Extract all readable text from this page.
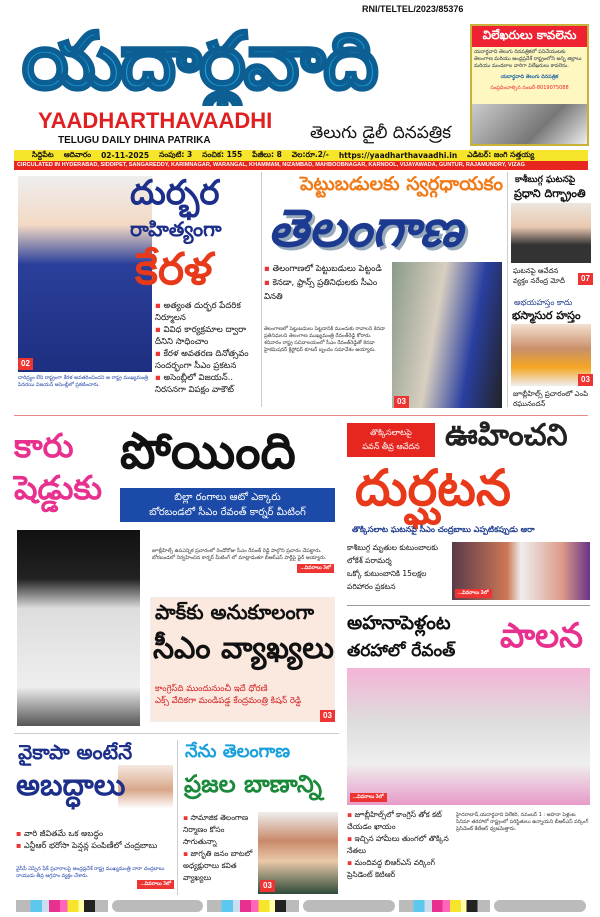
యదార్థవాది
RNI/TELTEL/2023/85376
YAADHARTHAVAADHI
TELUGU DAILY DHINA PATRIKA	తెలుగు డైలీ దినపత్రిక
విలేఖరులు కావలెను
యదార్థవాది తెలుగు దినపత్రికలో పనిచేయుటకు తెలంగాణ మరియు ఆంధ్రప్రదేశ్ రాష్ట్రంలోని అన్ని జిల్లాలు మరియు మండలాల వారిగా విలేఖరులు కావలెను.
యదార్థవాది తెలుగు దినపత్రిక
సంప్రదించాల్సిన నంబర్-8019075088
సిద్దిపేట ఆదివారం 02-11-2025 సంపుటి: 3 సంచిక: 155 పేజీలు: 8 వెల:రూ.2/- https://yaadharthavaadhi.in ఎడిటర్: జంగి సత్తయ్య
CIRCULATED IN HYDERABAD, SIDDIPET, SANGAREDDY, KARIMNAGAR, WARANGAL, KHAMMAM, NIZAMBAD, MAHBOOBNAGAR, KARNOOL, VIJAYAWADA, GUNTUR, RAJAMUNDRY, VIZAG
02
దుర్భర
రాహిత్యంగా
కేరళ
▪ అత్యంత దుర్భర పేదరిక నిర్మూలన
▪ వివిధ కార్యక్రమాల ద్వారా దీనిని సాధించాం
▪ కేరళ అవతరణ దినోత్సవం సందర్భంగా సీఎం ప్రకటన
▪ అసెంబ్లీలో విజయన్.. నిరసనగా విపక్షం వాకౌట్
దారిద్ర్యం లేని రాష్ట్రంగా కేరళ అవతరించిందని ఆ రాష్ట్ర ముఖ్యమంత్రి పినరయి విజయన్ అసెంబ్లీలో ప్రకటించారు.
పెట్టుబడులకు స్వర్గధాయకం
తెలంగాణ
▪ తెలంగాణలో పెట్టుబడులు పెట్టండి
▪ కెనడా, ఫ్రాన్స్ ప్రతినిధులకు సీఎం వినతి
తెలంగాణలో పెట్టుబడులు పెట్టడానికి ముందుకు రావాలని కెనడా ప్రతినిధులని తెలంగాణ ముఖ్యమంత్రి రేవంత్‌రెడ్డి కోరారు. శనివారం రాష్ట్ర సచివాలయంలో సీఎం రేవంత్‌రెడ్డితో కెనడా హైకమిషనర్ క్రిస్టోఫర్ కూటర్ బృందం సమావేశం అయ్యారు.
03
కాశీబుగ్గ ఘటనపై
ప్రధాని దిగ్భ్రాంతి
ఘటనపై ఆవేదన వ్యక్తం నరేంద్ర మోదీ	07
అభయహస్తం కాదు
భస్మాసుర హస్తం
03
జూబ్లీహిల్స్ ప్రచారంలో ఎంపి రఘునందన్
కారు షెడ్డుకు
పోయింది
బిల్లా రంగాలు ఆటో ఎక్కారు
బోరబండలో సీఎం రేవంత్ కార్నర్ మీటింగ్
జూబ్లీహిల్స్ ఉపఎన్నిక ప్రచారంలో రెండోరోజు సీఎం రేవంత్ రెడ్డి పాల్గొని ప్రచారం చేపట్టారు. బోరబండలో నిర్వహించిన కార్నర్ మీటింగ్ లో మాట్లాడుతూ బీఆర్ఎస్ పార్టీపై ఫైర్ అయ్యారు.
...వివరాలు 3లో
పాక్‌కు అనుకూలంగా
సీఎం వ్యాఖ్యలు
కాంగ్రెస్‌ది ముందునుంచీ ఇదే ధోరణి
ఎక్స్ వేదికగా మండిపడ్డ కేంద్రమంత్రి కిషన్ రెడ్డి
03
తొక్కిసలాటపై
పవన్ తీవ్ర ఆవేదన ఊహించని
దుర్ఘటన
తొక్కిసలాట ఘటనపై సీఎం చంద్రబాబు ఎప్పటికప్పుడు ఆరా
కాశీబుగ్గ మృతుల కుటుంబాలకు లోకేశ్ పరామర్శ
ఒక్కో కుటుంబానికి 15లక్షల పరిహారం ప్రకటన
...వివరాలు 3లో
అహనాపెళ్లంట
తరహాలో రేవంత్ పాలన
...వివరాలు 3లో
▪ జూబ్లీహిల్స్‌లో కాంగ్రెస్ తోక కట్ చేయడం ఖాయం
▪ ఇచ్చిన హామీలు తుంగలో తొక్కిన నేతలు
▪ మందివద్ద బిఆర్ఎస్ వర్కింగ్ ప్రెసిడెంట్ కెటిఆర్
హైదరాబాద్,యదార్థవాది విలేకరి, నవంబర్ 1 : అహనా పెళ్లంట సినిమా తరహాలో రాష్ట్రంలో పరిస్థితులు ఉన్నాయని బీఆర్ఎస్ వర్కింగ్ ప్రెసిడెంట్ కేటీఆర్ ధ్వజమెత్తారు.
వైకాపా అంటేనే
అబద్ధాలు
▪ వారి జీవితమే ఒక అబద్ధం
▪ ఎన్టీఆర్ భరోసా పెన్షన్ల పంపిణీలో చంద్రబాబు
వైసీపీ చెప్పిన ఫేక్ ప్రచారాలపై ఆంధ్రప్రదేశ్ రాష్ట్ర ముఖ్యమంత్రి నారా చంద్రబాబు నాయుడు తీవ్ర ఆగ్రహం వ్యక్తం చేశారు.
...వివరాలు 3లో
నేను తెలంగాణ
ప్రజల బాణాన్ని
▪ సామాజిక తెలంగాణ నిర్మాణం కోసం సాగుతున్నా
▪ జాగృతి జనం బాటలో అధ్యక్షురాలు కవిత వ్యాఖ్యలు
03
